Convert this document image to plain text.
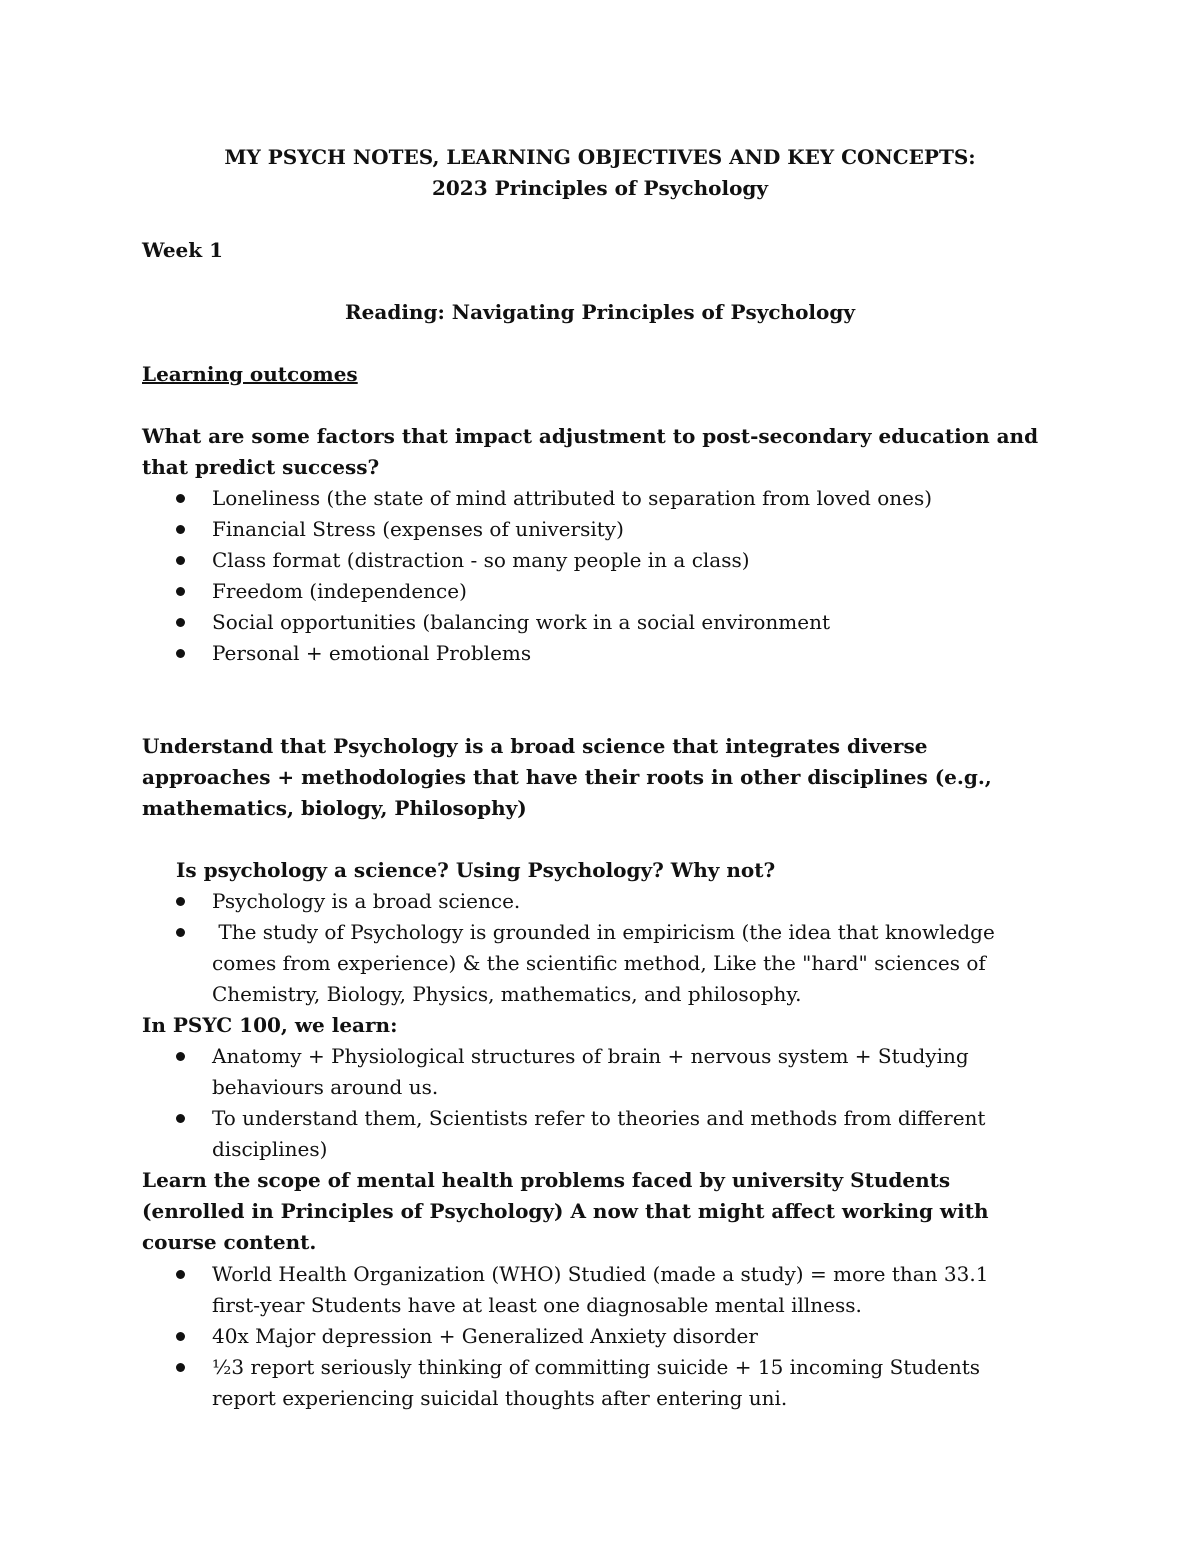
MY PSYCH NOTES, LEARNING OBJECTIVES AND KEY CONCEPTS:
2023 Principles of Psychology
Week 1
Reading: Navigating Principles of Psychology
Learning outcomes
What are some factors that impact adjustment to post-secondary education and that predict success?
Loneliness (the state of mind attributed to separation from loved ones)
Financial Stress (expenses of university)
Class format (distraction - so many people in a class)
Freedom (independence)
Social opportunities (balancing work in a social environment
Personal + emotional Problems
Understand that Psychology is a broad science that integrates diverse approaches + methodologies that have their roots in other disciplines (e.g., mathematics, biology, Philosophy)
Is psychology a science? Using Psychology? Why not?
Psychology is a broad science.
The study of Psychology is grounded in empiricism (the idea that knowledge comes from experience) & the scientific method, Like the "hard" sciences of Chemistry, Biology, Physics, mathematics, and philosophy.
In PSYC 100, we learn:
Anatomy + Physiological structures of brain + nervous system + Studying behaviours around us.
To understand them, Scientists refer to theories and methods from different disciplines)
Learn the scope of mental health problems faced by university Students (enrolled in Principles of Psychology) A now that might affect working with course content.
World Health Organization (WHO) Studied (made a study) = more than 33.1 first-year Students have at least one diagnosable mental illness.
40x Major depression + Generalized Anxiety disorder
½3 report seriously thinking of committing suicide + 15 incoming Students report experiencing suicidal thoughts after entering uni.
